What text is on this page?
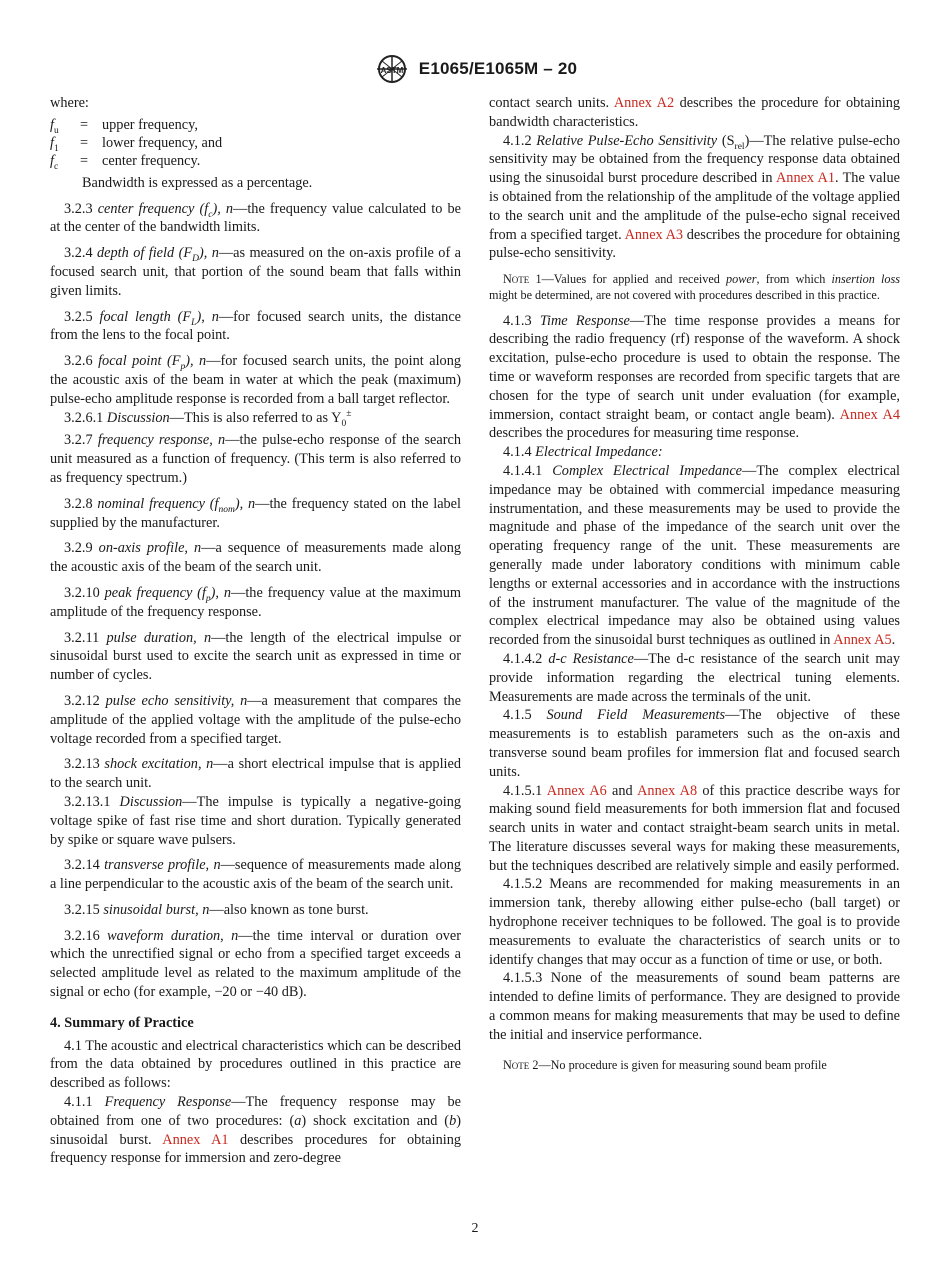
ASTM E1065/E1065M – 20

where:

$f_u$	= upper frequency,
$f_1$	= lower frequency, and
$f_c$	= center frequency.

Bandwidth is expressed as a percentage.

3.2.3 center frequency $(f_c)$, n—the frequency value calculated to be at the center of the bandwidth limits.

3.2.4 depth of field $(F_D)$, n—as measured on the on-axis profile of a focused search unit, that portion of the sound beam that falls within given limits.

3.2.5 focal length $(F_L)$, n—for focused search units, the distance from the lens to the focal point.

3.2.6 focal point $(F_p)$, n—for focused search units, the point along the acoustic axis of the beam in water at which the peak (maximum) pulse-echo amplitude response is recorded from a ball target reflector.

3.2.6.1 Discussion—This is also referred to as $Y_0^\pm$

3.2.7 frequency response, n—the pulse-echo response of the search unit measured as a function of frequency. (This term is also referred to as frequency spectrum.)

3.2.8 nominal frequency $(f_{nom})$, n—the frequency stated on the label supplied by the manufacturer.

3.2.9 on-axis profile, n—a sequence of measurements made along the acoustic axis of the beam of the search unit.

3.2.10 peak frequency $(f_p)$, n—the frequency value at the maximum amplitude of the frequency response.

3.2.11 pulse duration, n—the length of the electrical impulse or sinusoidal burst used to excite the search unit as expressed in time or number of cycles.

3.2.12 pulse echo sensitivity, n—a measurement that compares the amplitude of the applied voltage with the amplitude of the pulse-echo voltage recorded from a specified target.

3.2.13 shock excitation, n—a short electrical impulse that is applied to the search unit.

3.2.13.1 Discussion—The impulse is typically a negative-going voltage spike of fast rise time and short duration. Typically generated by spike or square wave pulsers.

3.2.14 transverse profile, n—sequence of measurements made along a line perpendicular to the acoustic axis of the beam of the search unit.

3.2.15 sinusoidal burst, n—also known as tone burst.

3.2.16 waveform duration, n—the time interval or duration over which the unrectified signal or echo from a specified target exceeds a selected amplitude level as related to the maximum amplitude of the signal or echo (for example, −20 or −40 dB).

4. Summary of Practice

4.1 The acoustic and electrical characteristics which can be described from the data obtained by procedures outlined in this practice are described as follows:

4.1.1 Frequency Response—The frequency response may be obtained from one of two procedures: (a) shock excitation and (b) sinusoidal burst. Annex A1 describes procedures for obtaining frequency response for immersion and zero-degree

contact search units. Annex A2 describes the procedure for obtaining bandwidth characteristics.

4.1.2 Relative Pulse-Echo Sensitivity $(S_{rel})—The$ relative pulse-echo sensitivity may be obtained from the frequency response data obtained using the sinusoidal burst procedure described in Annex A1. The value is obtained from the relationship of the amplitude of the voltage applied to the search unit and the amplitude of the pulse-echo signal received from a specified target. Annex A3 describes the procedure for obtaining pulse-echo sensitivity.

Note 1—Values for applied and received power, from which insertion loss might be determined, are not covered with procedures described in this practice.

4.1.3 Time Response—The time response provides a means for describing the radio frequency (rf) response of the waveform. A shock excitation, pulse-echo procedure is used to obtain the response. The time or waveform responses are recorded from specific targets that are chosen for the type of search unit under evaluation (for example, immersion, contact straight beam, or contact angle beam). Annex A4 describes the procedures for measuring time response.

4.1.4 Electrical Impedance:

4.1.4.1 Complex Electrical Impedance—The complex electrical impedance may be obtained with commercial impedance measuring instrumentation, and these measurements may be used to provide the magnitude and phase of the impedance of the search unit over the operating frequency range of the unit. These measurements are generally made under laboratory conditions with minimum cable lengths or external accessories and in accordance with the instructions of the instrument manufacturer. The value of the magnitude of the complex electrical impedance may also be obtained using values recorded from the sinusoidal burst techniques as outlined in Annex A5.

4.1.4.2 d-c Resistance—The d-c resistance of the search unit may provide information regarding the electrical tuning elements. Measurements are made across the terminals of the unit.

4.1.5 Sound Field Measurements—The objective of these measurements is to establish parameters such as the on-axis and transverse sound beam profiles for immersion flat and focused search units.

4.1.5.1 Annex A6 and Annex A8 of this practice describe ways for making sound field measurements for both immersion flat and focused search units in water and contact straight-beam search units in metal. The literature discusses several ways for making these measurements, but the techniques described are relatively simple and easily performed.

4.1.5.2 Means are recommended for making measurements in an immersion tank, thereby allowing either pulse-echo (ball target) or hydrophone receiver techniques to be followed. The goal is to provide measurements to evaluate the characteristics of search units or to identify changes that may occur as a function of time or use, or both.

4.1.5.3 None of the measurements of sound beam patterns are intended to define limits of performance. They are designed to provide a common means for making measurements that may be used to define the initial and inservice performance.

Note 2—No procedure is given for measuring sound beam profile

2
